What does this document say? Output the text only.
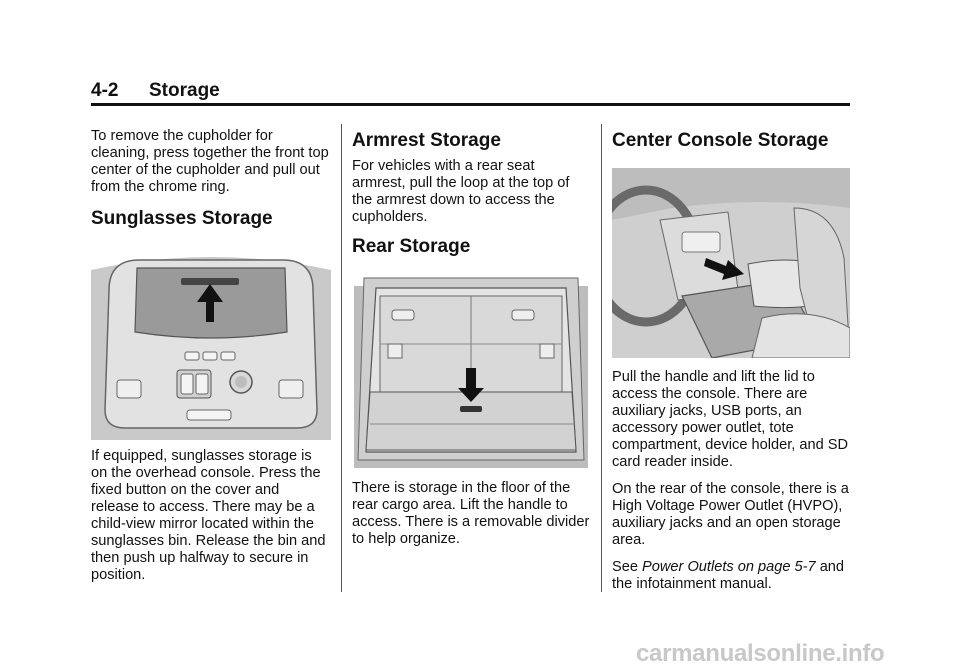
4-2 Storage

To remove the cupholder for cleaning, press together the front top center of the cupholder and pull out from the chrome ring.

Sunglasses Storage

If equipped, sunglasses storage is on the overhead console. Press the fixed button on the cover and release to access. There may be a child-view mirror located within the sunglasses bin. Release the bin and then push up halfway to secure in position.

Armrest Storage

For vehicles with a rear seat armrest, pull the loop at the top of the armrest down to access the cupholders.

Rear Storage

There is storage in the floor of the rear cargo area. Lift the handle to access. There is a removable divider to help organize.

Center Console Storage

Pull the handle and lift the lid to access the console. There are auxiliary jacks, USB ports, an accessory power outlet, tote compartment, device holder, and SD card reader inside.

On the rear of the console, there is a High Voltage Power Outlet (HVPO), auxiliary jacks and an open storage area.

See Power Outlets on page 5-7 and the infotainment manual.

carmanualsonline.info
